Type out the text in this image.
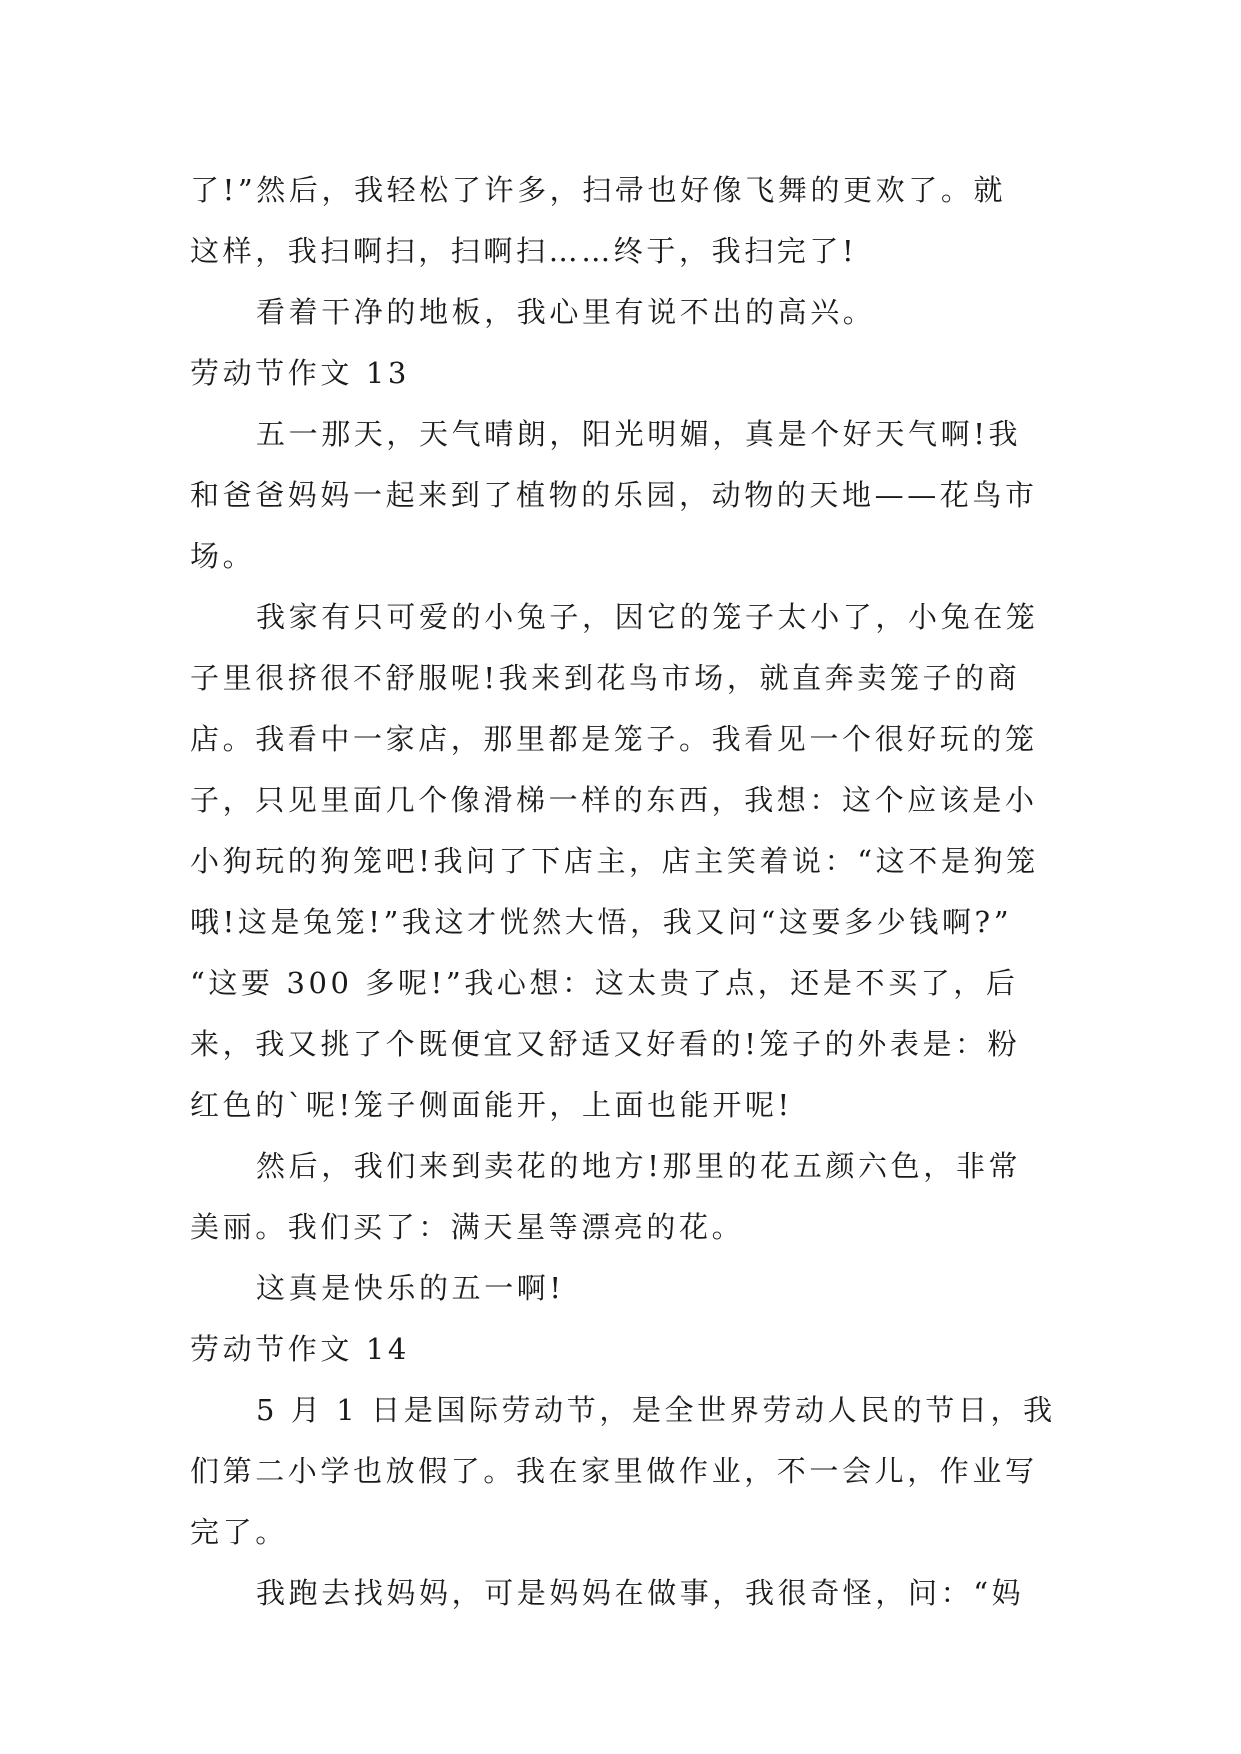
了!”然后，我轻松了许多，扫帚也好像飞舞的更欢了。就
这样，我扫啊扫，扫啊扫……终于，我扫完了!
看着干净的地板，我心里有说不出的高兴。
劳动节作文 13
五一那天，天气晴朗，阳光明媚，真是个好天气啊!我
和爸爸妈妈一起来到了植物的乐园，动物的天地——花鸟市
场。
我家有只可爱的小兔子，因它的笼子太小了，小兔在笼
子里很挤很不舒服呢!我来到花鸟市场，就直奔卖笼子的商
店。我看中一家店，那里都是笼子。我看见一个很好玩的笼
子，只见里面几个像滑梯一样的东西，我想：这个应该是小
小狗玩的狗笼吧!我问了下店主，店主笑着说：“这不是狗笼
哦!这是兔笼!”我这才恍然大悟，我又问“这要多少钱啊?”
“这要 300 多呢!”我心想：这太贵了点，还是不买了，后
来，我又挑了个既便宜又舒适又好看的!笼子的外表是：粉
红色的`呢!笼子侧面能开，上面也能开呢!
然后，我们来到卖花的地方!那里的花五颜六色，非常
美丽。我们买了：满天星等漂亮的花。
这真是快乐的五一啊!
劳动节作文 14
5 月 1 日是国际劳动节，是全世界劳动人民的节日，我
们第二小学也放假了。我在家里做作业，不一会儿，作业写
完了。
我跑去找妈妈，可是妈妈在做事，我很奇怪，问：“妈
